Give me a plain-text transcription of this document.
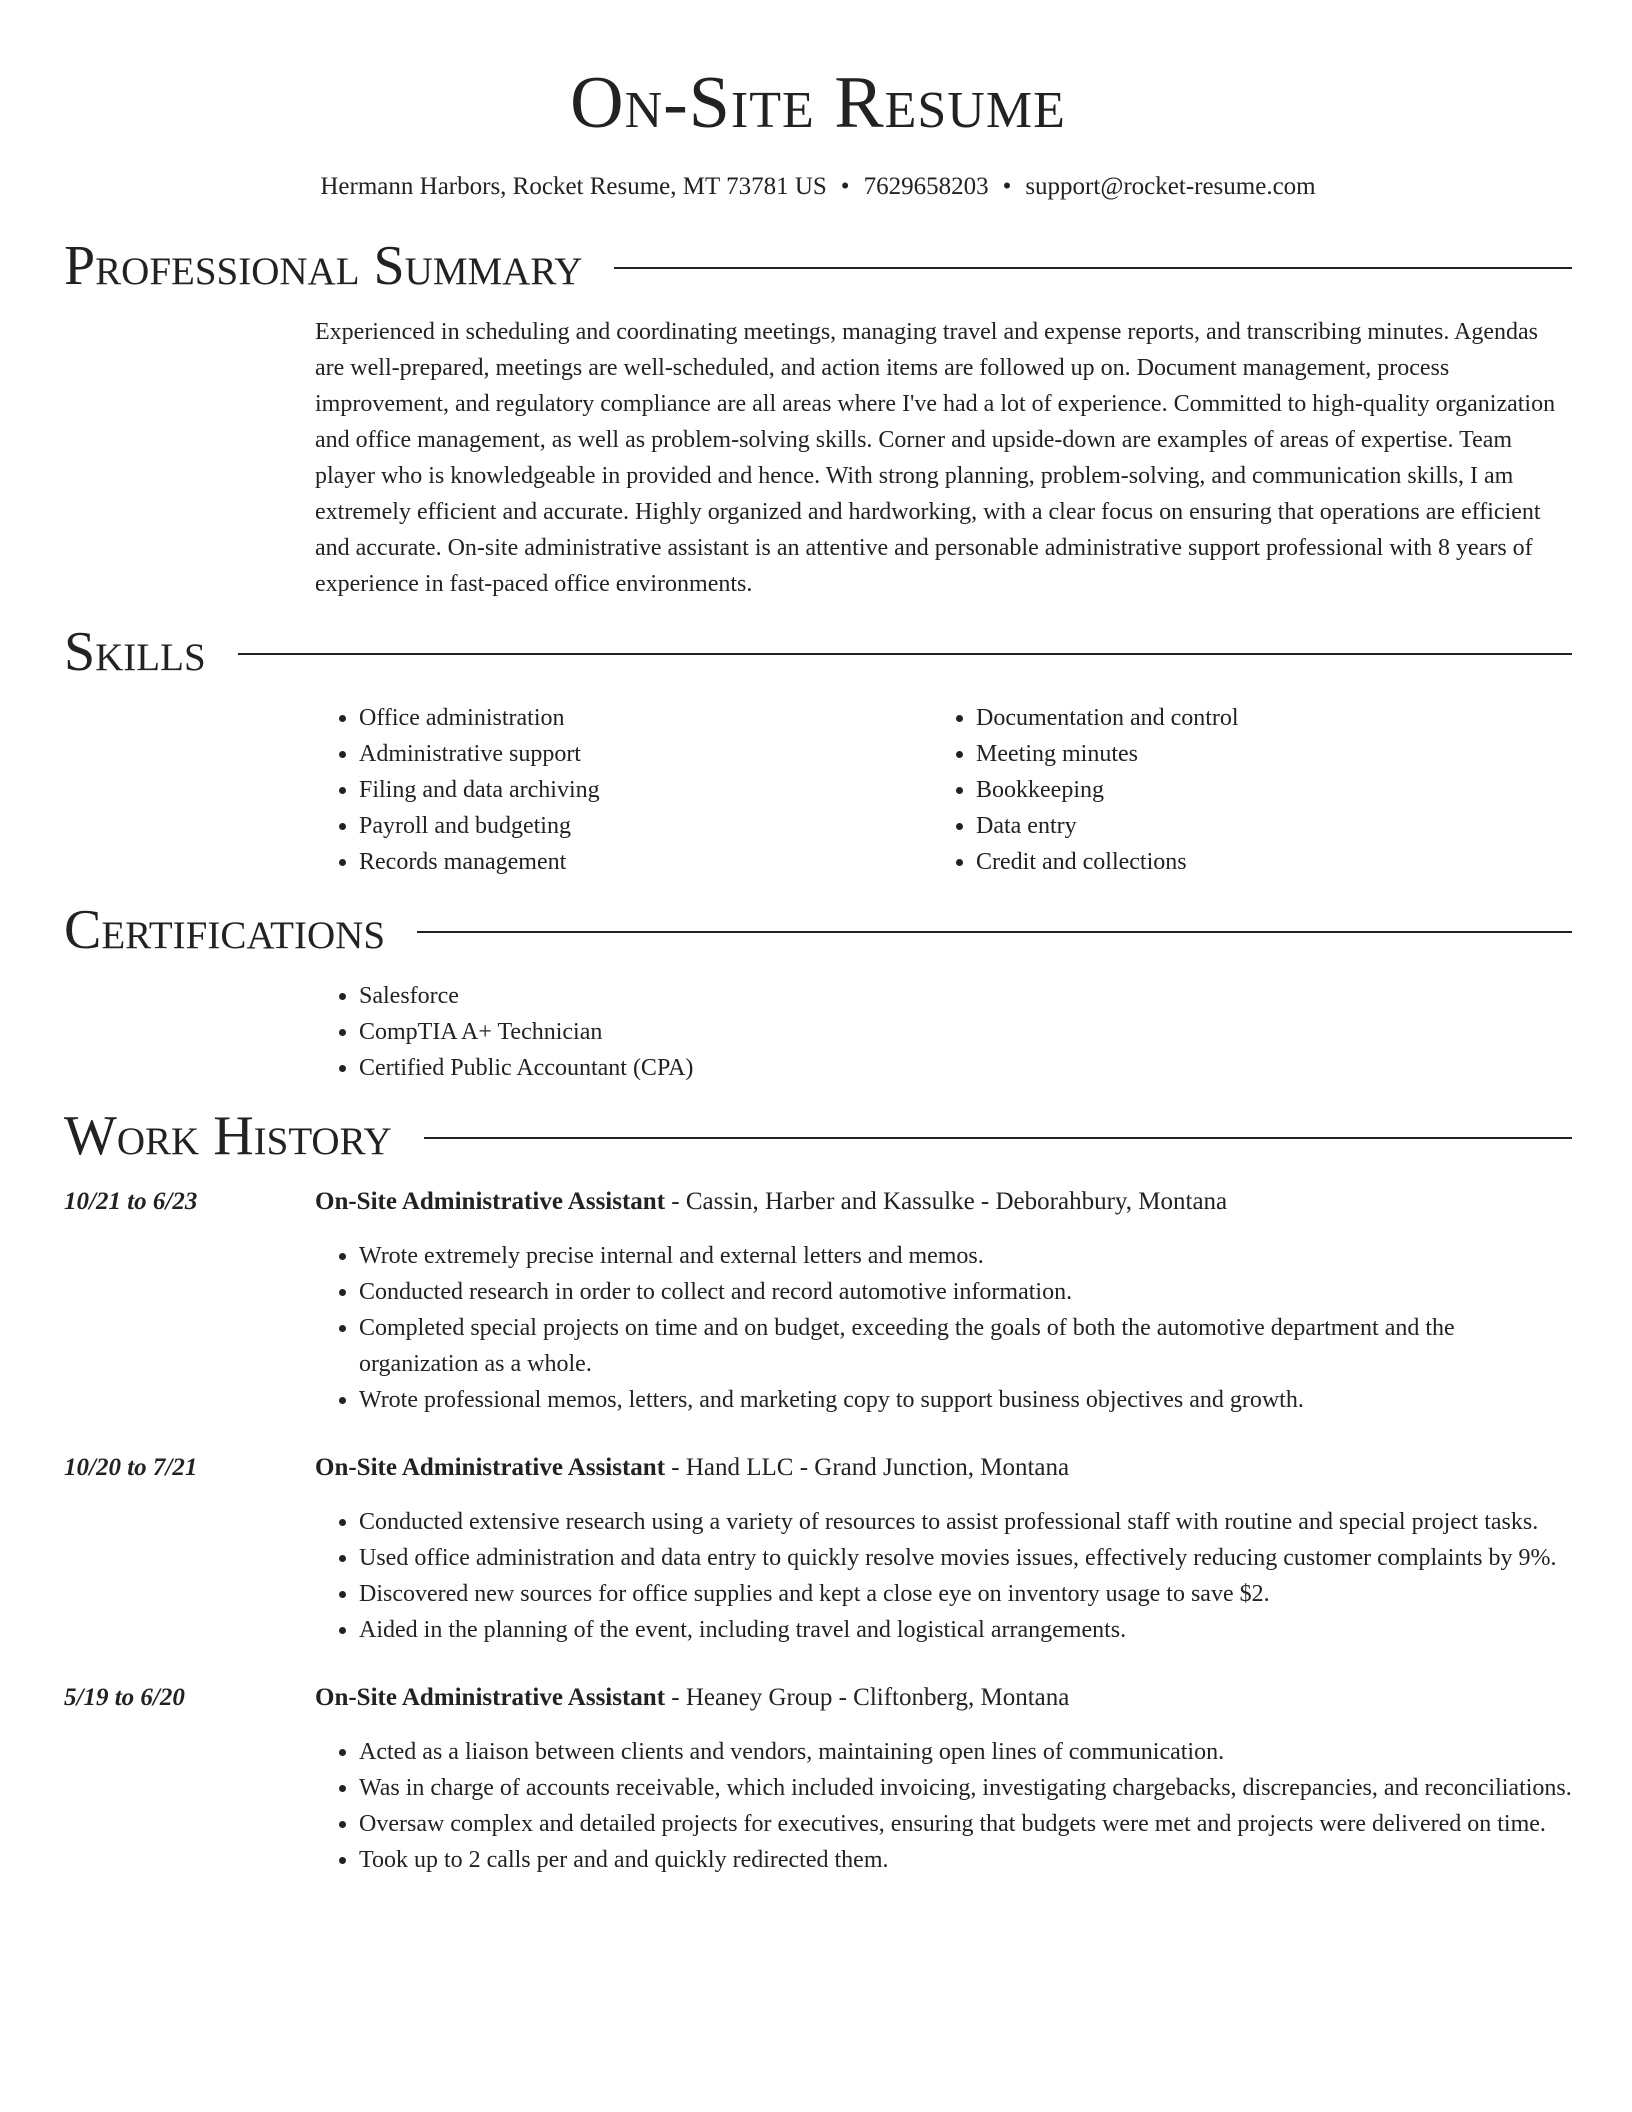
On-Site Resume
Hermann Harbors, Rocket Resume, MT 73781 US • 7629658203 • support@rocket-resume.com
Professional Summary

Experienced in scheduling and coordinating meetings, managing travel and expense reports, and transcribing minutes. Agendas are well-prepared, meetings are well-scheduled, and action items are followed up on. Document management, process improvement, and regulatory compliance are all areas where I've had a lot of experience. Committed to high-quality organization and office management, as well as problem-solving skills. Corner and upside-down are examples of areas of expertise. Team player who is knowledgeable in provided and hence. With strong planning, problem-solving, and communication skills, I am extremely efficient and accurate. Highly organized and hardworking, with a clear focus on ensuring that operations are efficient and accurate. On-site administrative assistant is an attentive and personable administrative support professional with 8 years of experience in fast-paced office environments.

Skills
• Office administration
• Administrative support
• Filing and data archiving
• Payroll and budgeting
• Records management
• Documentation and control
• Meeting minutes
• Bookkeeping
• Data entry
• Credit and collections
Certifications
• Salesforce
• CompTIA A+ Technician
• Certified Public Accountant (CPA)
Work History
10/21 to 6/23	On-Site Administrative Assistant - Cassin, Harber and Kassulke - Deborahbury, Montana
• Wrote extremely precise internal and external letters and memos.
• Conducted research in order to collect and record automotive information.
• Completed special projects on time and on budget, exceeding the goals of both the automotive department and the organization as a whole.
• Wrote professional memos, letters, and marketing copy to support business objectives and growth.
10/20 to 7/21	On-Site Administrative Assistant - Hand LLC - Grand Junction, Montana
• Conducted extensive research using a variety of resources to assist professional staff with routine and special project tasks.
• Used office administration and data entry to quickly resolve movies issues, effectively reducing customer complaints by 9%.
• Discovered new sources for office supplies and kept a close eye on inventory usage to save $2.
• Aided in the planning of the event, including travel and logistical arrangements.
5/19 to 6/20	On-Site Administrative Assistant - Heaney Group - Cliftonberg, Montana
• Acted as a liaison between clients and vendors, maintaining open lines of communication.
• Was in charge of accounts receivable, which included invoicing, investigating chargebacks, discrepancies, and reconciliations.
• Oversaw complex and detailed projects for executives, ensuring that budgets were met and projects were delivered on time.
• Took up to 2 calls per and and quickly redirected them.
